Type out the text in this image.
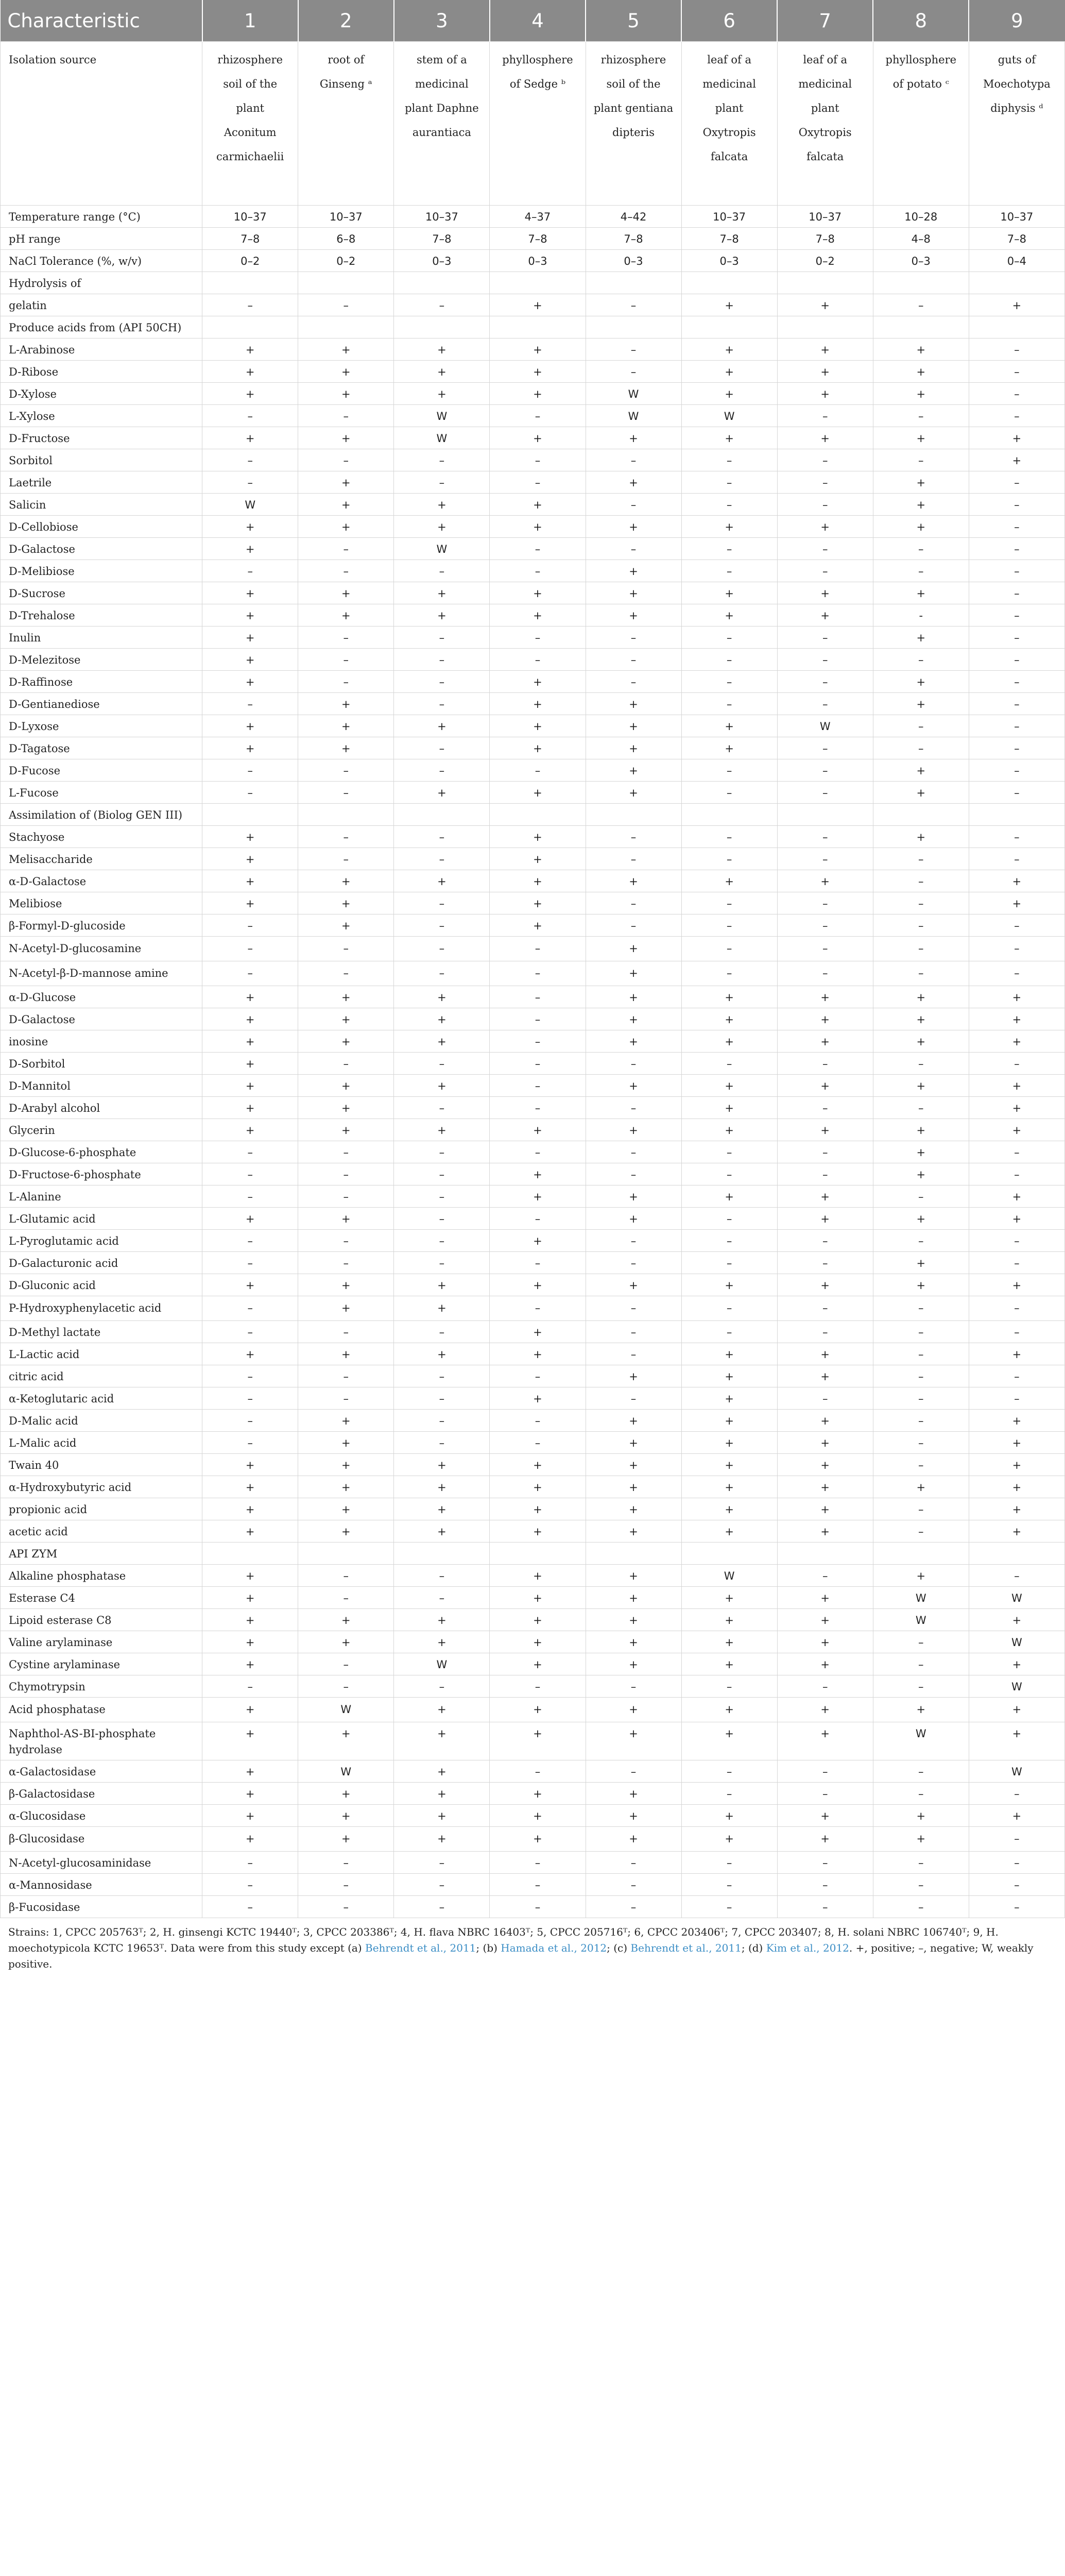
Characteristic	1	2	3	4	5	6	7	8	9
Isolation source	rhizosphere soil of the plant Aconitum carmichaelii	root of Ginseng ᵃ	stem of a medicinal plant Daphne aurantiaca	phyllosphere of Sedge ᵇ	rhizosphere soil of the plant gentiana dipteris	leaf of a medicinal plant Oxytropis falcata	leaf of a medicinal plant Oxytropis falcata	phyllosphere of potato ᶜ	guts of Moechotypa diphysis ᵈ
Temperature range (°C)	10–37	10–37	10–37	4–37	4–42	10–37	10–37	10–28	10–37
pH range	7–8	6–8	7–8	7–8	7–8	7–8	7–8	4–8	7–8
NaCl Tolerance (%, w/v)	0–2	0–2	0–3	0–3	0–3	0–3	0–2	0–3	0–4
Hydrolysis of									
gelatin	–	–	–	+	–	+	+	–	+
Produce acids from (API 50CH)									
L-Arabinose	+	+	+	+	–	+	+	+	–
D-Ribose	+	+	+	+	–	+	+	+	–
D-Xylose	+	+	+	+	W	+	+	+	–
L-Xylose	–	–	W	–	W	W	–	–	–
D-Fructose	+	+	W	+	+	+	+	+	+
Sorbitol	–	–	–	–	–	–	–	–	+
Laetrile	–	+	–	–	+	–	–	+	–
Salicin	W	+	+	+	–	–	–	+	–
D-Cellobiose	+	+	+	+	+	+	+	+	–
D-Galactose	+	–	W	–	–	–	–	–	–
D-Melibiose	–	–	–	–	+	–	–	–	–
D-Sucrose	+	+	+	+	+	+	+	+	–
D-Trehalose	+	+	+	+	+	+	+	-	–
Inulin	+	–	–	–	–	–	–	+	–
D-Melezitose	+	–	–	–	–	–	–	–	–
D-Raffinose	+	–	–	+	–	–	–	+	–
D-Gentianediose	–	+	–	+	+	–	–	+	–
D-Lyxose	+	+	+	+	+	+	W	–	–
D-Tagatose	+	+	–	+	+	+	–	–	–
D-Fucose	–	–	–	–	+	–	–	+	–
L-Fucose	–	–	+	+	+	–	–	+	–
Assimilation of (Biolog GEN III)									
Stachyose	+	–	–	+	–	–	–	+	–
Melisaccharide	+	–	–	+	–	–	–	–	–
α-D-Galactose	+	+	+	+	+	+	+	–	+
Melibiose	+	+	–	+	–	–	–	–	+
β-Formyl-D-glucoside	–	+	–	+	–	–	–	–	–
N-Acetyl-D-glucosamine	–	–	–	–	+	–	–	–	–
N-Acetyl-β-D-mannose amine	–	–	–	–	+	–	–	–	–
α-D-Glucose	+	+	+	–	+	+	+	+	+
D-Galactose	+	+	+	–	+	+	+	+	+
inosine	+	+	+	–	+	+	+	+	+
D-Sorbitol	+	–	–	–	–	–	–	–	–
D-Mannitol	+	+	+	–	+	+	+	+	+
D-Arabyl alcohol	+	+	–	–	–	+	–	–	+
Glycerin	+	+	+	+	+	+	+	+	+
D-Glucose-6-phosphate	–	–	–	–	–	–	–	+	–
D-Fructose-6-phosphate	–	–	–	+	–	–	–	+	–
L-Alanine	–	–	–	+	+	+	+	–	+
L-Glutamic acid	+	+	–	–	+	–	+	+	+
L-Pyroglutamic acid	–	–	–	+	–	–	–	–	–
D-Galacturonic acid	–	–	–	–	–	–	–	+	–
D-Gluconic acid	+	+	+	+	+	+	+	+	+
P-Hydroxyphenylacetic acid	–	+	+	–	–	–	–	–	–
D-Methyl lactate	–	–	–	+	–	–	–	–	–
L-Lactic acid	+	+	+	+	–	+	+	–	+
citric acid	–	–	–	–	+	+	+	–	–
α-Ketoglutaric acid	–	–	–	+	–	+	–	–	–
D-Malic acid	–	+	–	–	+	+	+	–	+
L-Malic acid	–	+	–	–	+	+	+	–	+
Twain 40	+	+	+	+	+	+	+	–	+
α-Hydroxybutyric acid	+	+	+	+	+	+	+	+	+
propionic acid	+	+	+	+	+	+	+	–	+
acetic acid	+	+	+	+	+	+	+	–	+
API ZYM									
Alkaline phosphatase	+	–	–	+	+	W	–	+	–
Esterase C4	+	–	–	+	+	+	+	W	W
Lipoid esterase C8	+	+	+	+	+	+	+	W	+
Valine arylaminase	+	+	+	+	+	+	+	–	W
Cystine arylaminase	+	–	W	+	+	+	+	–	+
Chymotrypsin	–	–	–	–	–	–	–	–	W
Acid phosphatase	+	W	+	+	+	+	+	+	+
Naphthol-AS-BI-phosphate hydrolase	+	+	+	+	+	+	+	W	+
α-Galactosidase	+	W	+	–	–	–	–	–	W
β-Galactosidase	+	+	+	+	+	–	–	–	–
α-Glucosidase	+	+	+	+	+	+	+	+	+
β-Glucosidase	+	+	+	+	+	+	+	+	–
N-Acetyl-glucosaminidase	–	–	–	–	–	–	–	–	–
α-Mannosidase	–	–	–	–	–	–	–	–	–
β-Fucosidase	–	–	–	–	–	–	–	–	–
Strains: 1, CPCC 205763ᵀ; 2, H. ginsengi KCTC 19440ᵀ; 3, CPCC 203386ᵀ; 4, H. flava NBRC 16403ᵀ; 5, CPCC 205716ᵀ; 6, CPCC 203406ᵀ; 7, CPCC 203407; 8, H. solani NBRC 106740ᵀ; 9, H. moechotypicola KCTC 19653ᵀ. Data were from this study except (a) Behrendt et al., 2011; (b) Hamada et al., 2012; (c) Behrendt et al., 2011; (d) Kim et al., 2012. +, positive; –, negative; W, weakly positive.
